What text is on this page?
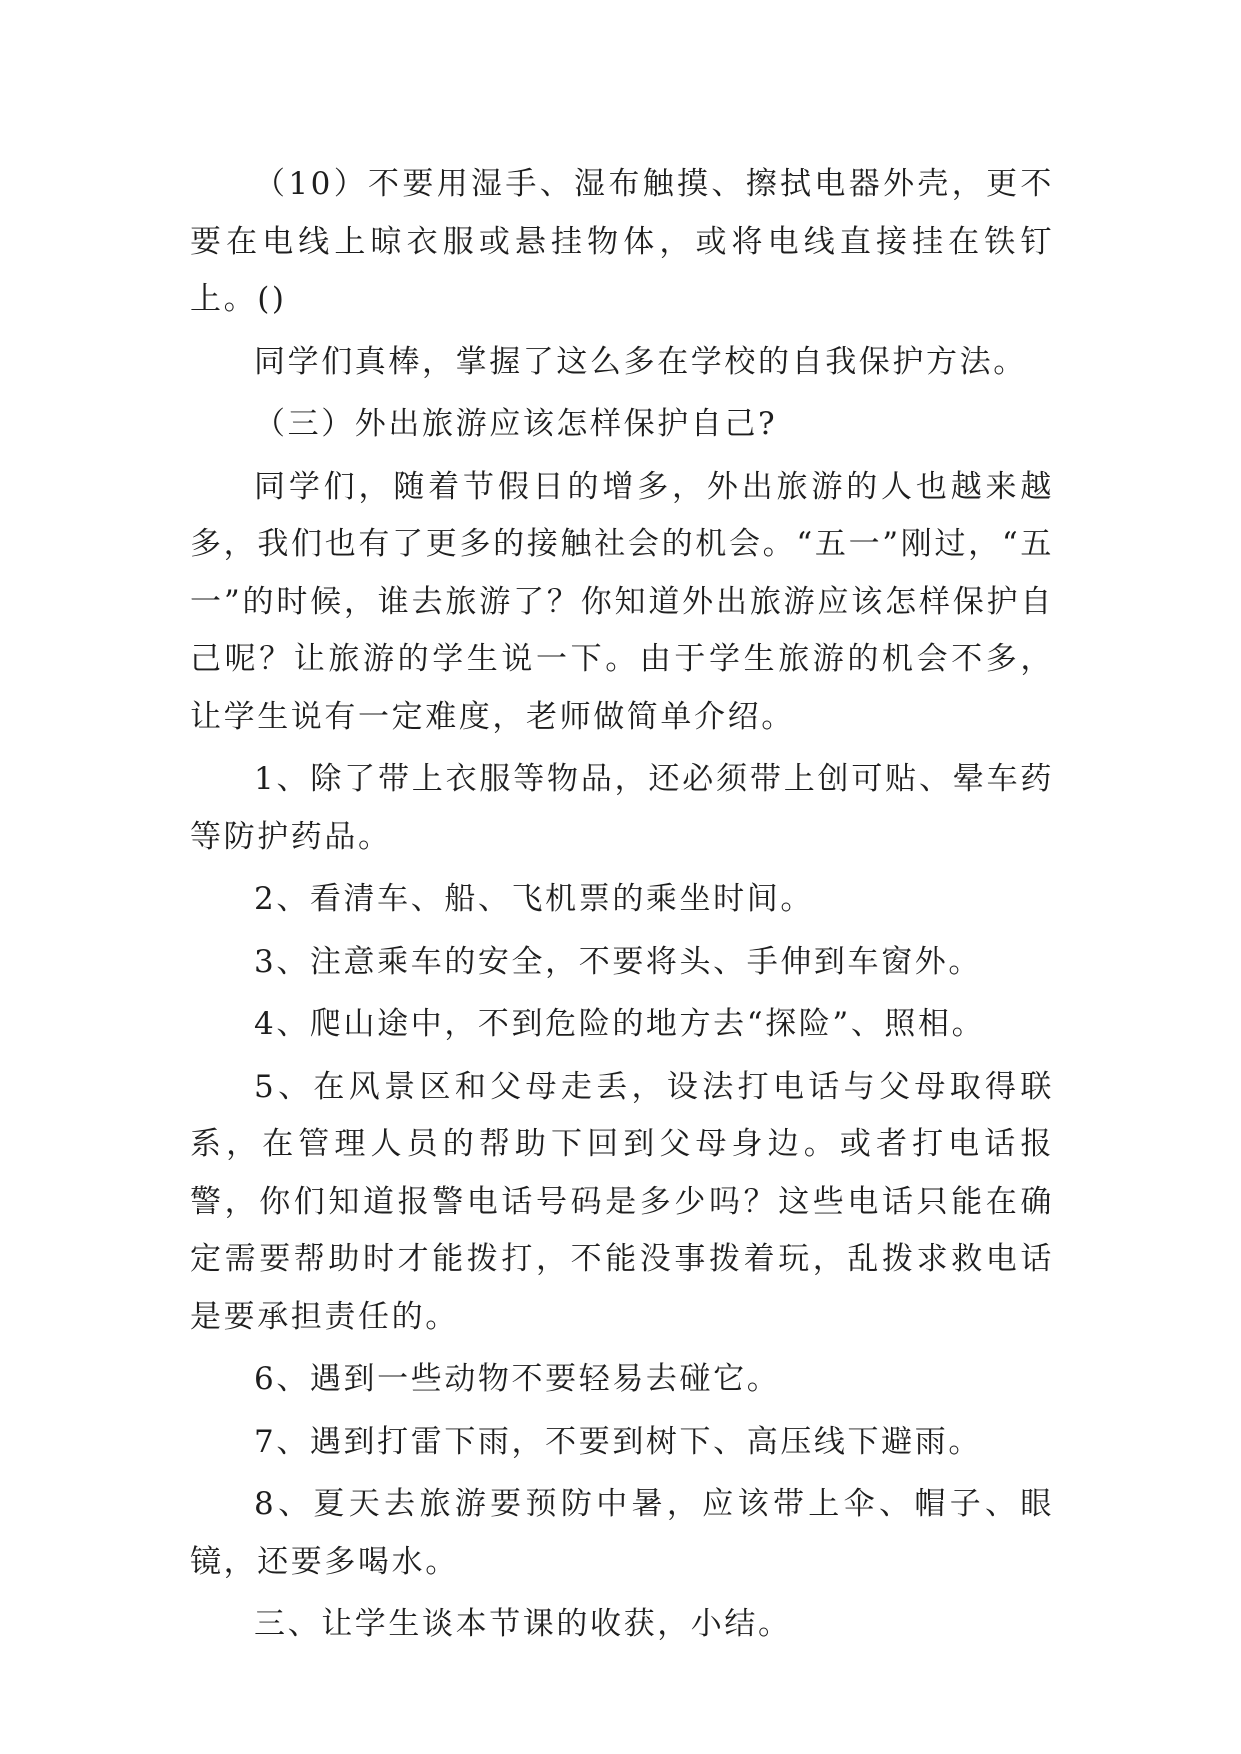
（10）不要用湿手、湿布触摸、擦拭电器外壳，更不要在电线上晾衣服或悬挂物体，或将电线直接挂在铁钉上。()

同学们真棒，掌握了这么多在学校的自我保护方法。

（三）外出旅游应该怎样保护自己?

同学们，随着节假日的增多，外出旅游的人也越来越多，我们也有了更多的接触社会的机会。“五一”刚过，“五一”的时候，谁去旅游了？你知道外出旅游应该怎样保护自己呢？让旅游的学生说一下。由于学生旅游的机会不多，让学生说有一定难度，老师做简单介绍。

1、除了带上衣服等物品，还必须带上创可贴、晕车药等防护药品。

2、看清车、船、飞机票的乘坐时间。

3、注意乘车的安全，不要将头、手伸到车窗外。

4、爬山途中，不到危险的地方去“探险”、照相。

5、在风景区和父母走丢，设法打电话与父母取得联系，在管理人员的帮助下回到父母身边。或者打电话报警，你们知道报警电话号码是多少吗？这些电话只能在确定需要帮助时才能拨打，不能没事拨着玩，乱拨求救电话是要承担责任的。

6、遇到一些动物不要轻易去碰它。

7、遇到打雷下雨，不要到树下、高压线下避雨。

8、夏天去旅游要预防中暑，应该带上伞、帽子、眼镜，还要多喝水。

三、让学生谈本节课的收获，小结。
